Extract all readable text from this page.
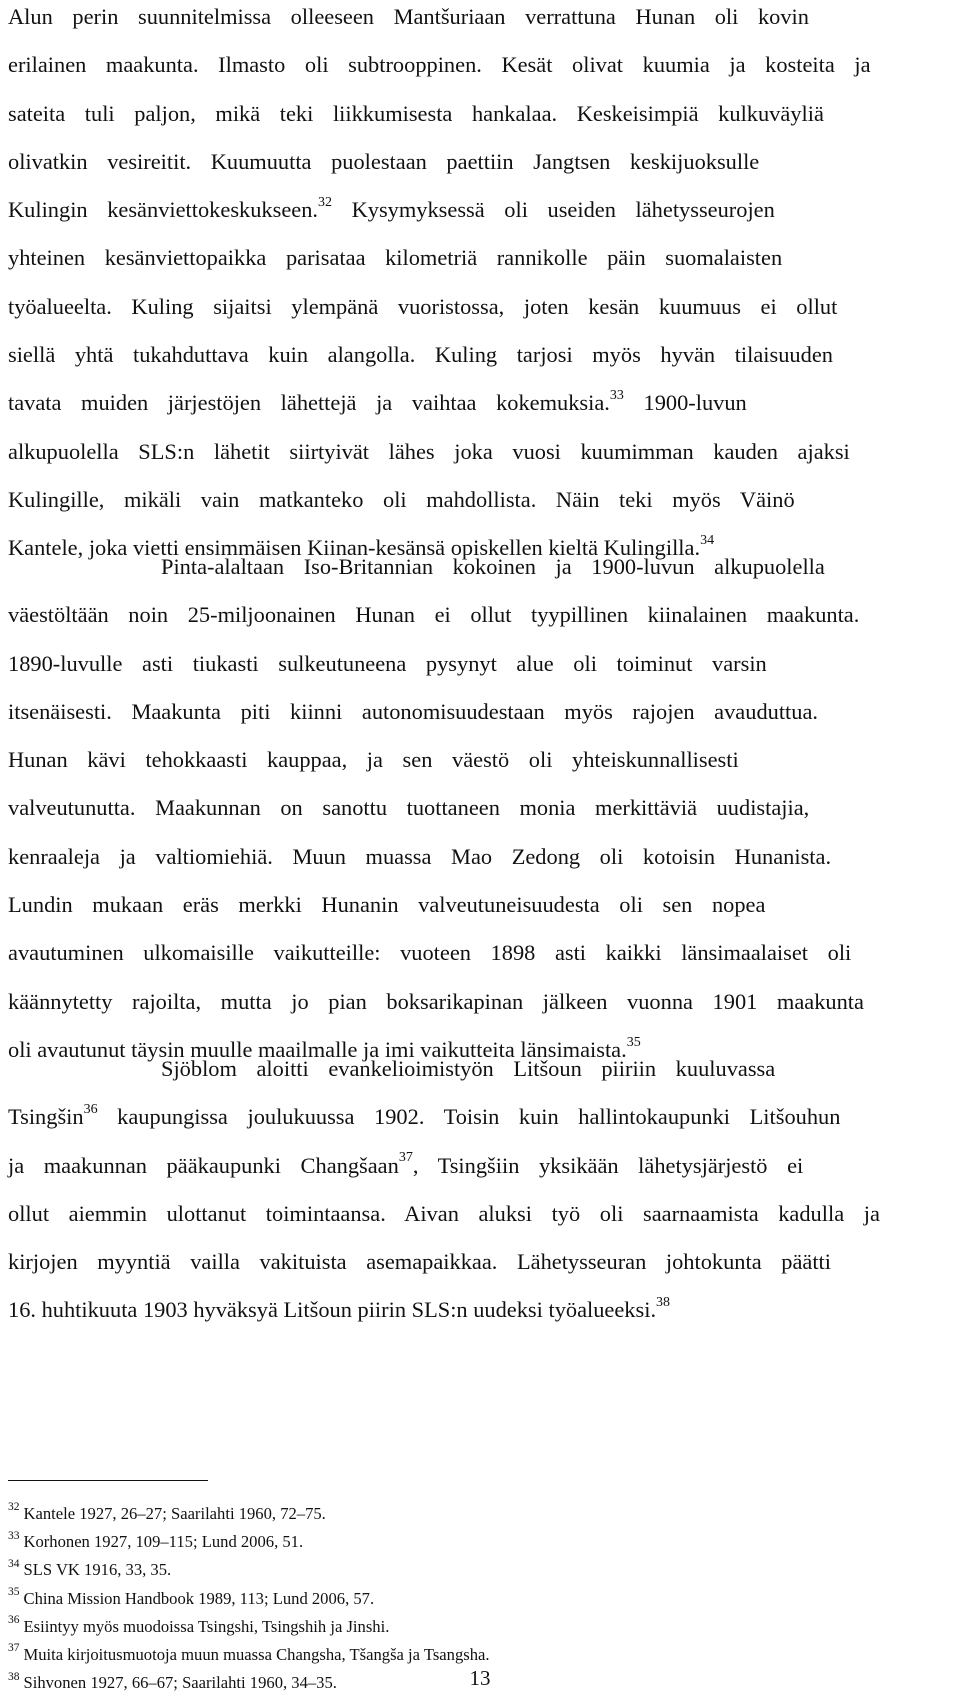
Alun perin suunnitelmissa olleeseen Mantšuriaan verrattuna Hunan oli kovin
erilainen maakunta. Ilmasto oli subtrooppinen. Kesät olivat kuumia ja kosteita ja
sateita tuli paljon, mikä teki liikkumisesta hankalaa. Keskeisimpiä kulkuväyliä
olivatkin vesireitit. Kuumuutta puolestaan paettiin Jangtsen keskijuoksulle
Kulingin kesänviettokeskukseen.$^{32}$ Kysymyksessä oli useiden lähetysseurojen
yhteinen kesänviettopaikka parisataa kilometriä rannikolle päin suomalaisten
työalueelta. Kuling sijaitsi ylempänä vuoristossa, joten kesän kuumuus ei ollut
siellä yhtä tukahduttava kuin alangolla. Kuling tarjosi myös hyvän tilaisuuden
tavata muiden järjestöjen lähettejä ja vaihtaa kokemuksia.$^{33}$ 1900-luvun
alkupuolella SLS:n lähetit siirtyivät lähes joka vuosi kuumimman kauden ajaksi
Kulingille, mikäli vain matkanteko oli mahdollista. Näin teki myös Väinö
Kantele, joka vietti ensimmäisen Kiinan-kesänsä opiskellen kieltä Kulingilla.$^{34}$
Pinta-alaltaan Iso-Britannian kokoinen ja 1900-luvun alkupuolella
väestöltään noin 25-miljoonainen Hunan ei ollut tyypillinen kiinalainen maakunta.
1890-luvulle asti tiukasti sulkeutuneena pysynyt alue oli toiminut varsin
itsenäisesti. Maakunta piti kiinni autonomisuudestaan myös rajojen avauduttua.
Hunan kävi tehokkaasti kauppaa, ja sen väestö oli yhteiskunnallisesti
valveutunutta. Maakunnan on sanottu tuottaneen monia merkittäviä uudistajia,
kenraaleja ja valtiomiehiä. Muun muassa Mao Zedong oli kotoisin Hunanista.
Lundin mukaan eräs merkki Hunanin valveutuneisuudesta oli sen nopea
avautuminen ulkomaisille vaikutteille: vuoteen 1898 asti kaikki länsimaalaiset oli
käännytetty rajoilta, mutta jo pian boksarikapinan jälkeen vuonna 1901 maakunta
oli avautunut täysin muulle maailmalle ja imi vaikutteita länsimaista.$^{35}$
Sjöblom aloitti evankelioimistyön Litšoun piiriin kuuluvassa
Tsingšin$^{36}$ kaupungissa joulukuussa 1902. Toisin kuin hallintokaupunki Litšouhun
ja maakunnan pääkaupunki Changšaan$^{37}$, Tsingšiin yksikään lähetysjärjestö ei
ollut aiemmin ulottanut toimintaansa. Aivan aluksi työ oli saarnaamista kadulla ja
kirjojen myyntiä vailla vakituista asemapaikkaa. Lähetysseuran johtokunta päätti
16. huhtikuuta 1903 hyväksyä Litšoun piirin SLS:n uudeksi työalueeksi.$^{38}$
$^{32}$ Kantele 1927, 26–27; Saarilahti 1960, 72–75.
$^{33}$ Korhonen 1927, 109–115; Lund 2006, 51.
$^{34}$ SLS VK 1916, 33, 35.
$^{35}$ China Mission Handbook 1989, 113; Lund 2006, 57.
$^{36}$ Esiintyy myös muodoissa Tsingshi, Tsingshih ja Jinshi.
$^{37}$ Muita kirjoitusmuotoja muun muassa Changsha, Tšangša ja Tsangsha.
$^{38}$ Sihvonen 1927, 66–67; Saarilahti 1960, 34–35.	13
